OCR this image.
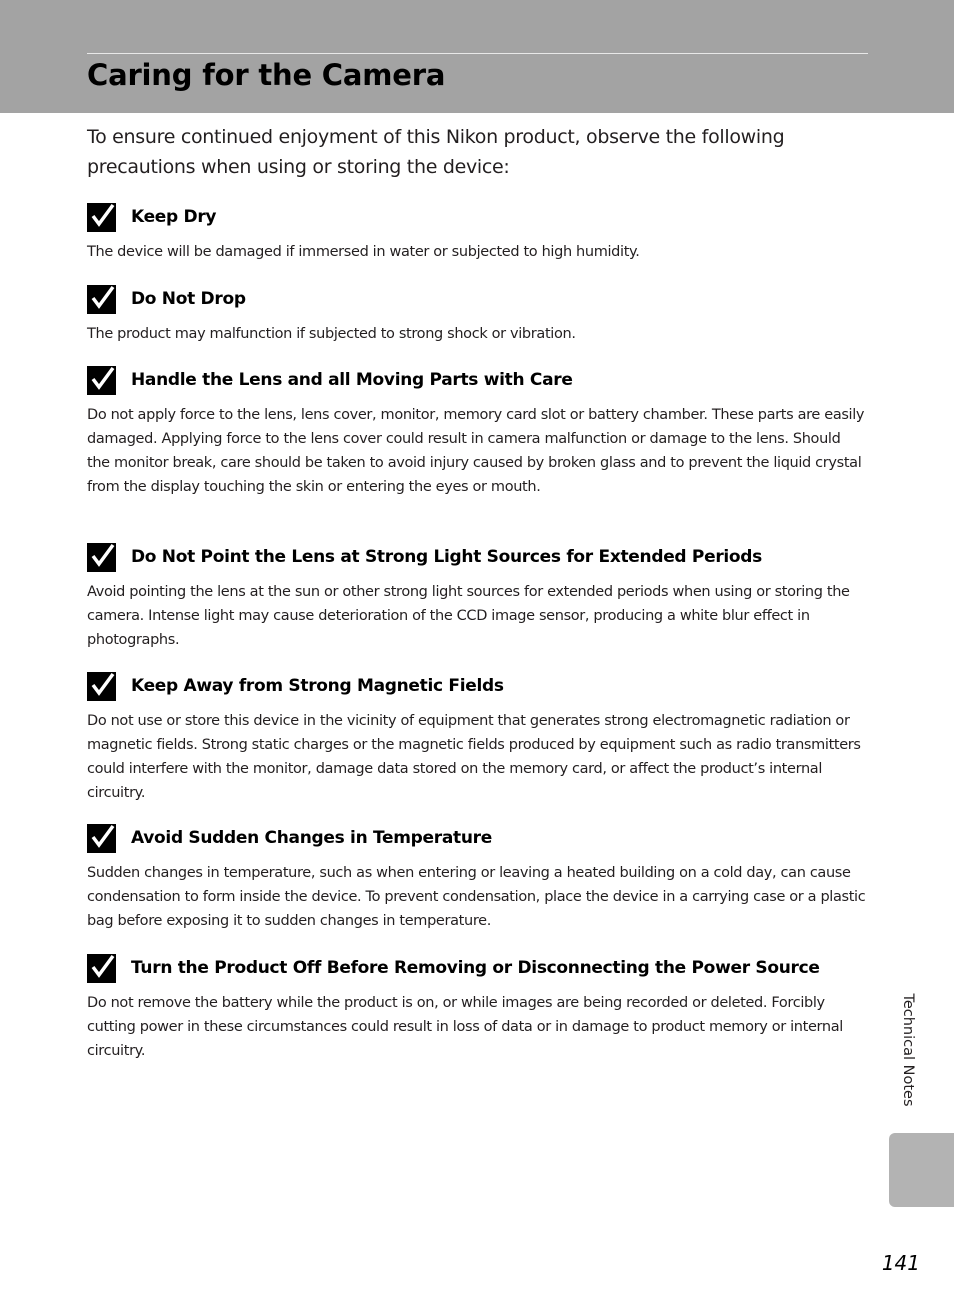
Caring for the Camera

To ensure continued enjoyment of this Nikon product, observe the following precautions when using or storing the device:

Keep Dry

The device will be damaged if immersed in water or subjected to high humidity.

Do Not Drop

The product may malfunction if subjected to strong shock or vibration.

Handle the Lens and all Moving Parts with Care

Do not apply force to the lens, lens cover, monitor, memory card slot or battery chamber. These parts are easily damaged. Applying force to the lens cover could result in camera malfunction or damage to the lens. Should the monitor break, care should be taken to avoid injury caused by broken glass and to prevent the liquid crystal from the display touching the skin or entering the eyes or mouth.

Do Not Point the Lens at Strong Light Sources for Extended Periods

Avoid pointing the lens at the sun or other strong light sources for extended periods when using or storing the camera. Intense light may cause deterioration of the CCD image sensor, producing a white blur effect in photographs.

Keep Away from Strong Magnetic Fields

Do not use or store this device in the vicinity of equipment that generates strong electromagnetic radiation or magnetic fields. Strong static charges or the magnetic fields produced by equipment such as radio transmitters could interfere with the monitor, damage data stored on the memory card, or affect the product’s internal circuitry.

Avoid Sudden Changes in Temperature

Sudden changes in temperature, such as when entering or leaving a heated building on a cold day, can cause condensation to form inside the device. To prevent condensation, place the device in a carrying case or a plastic bag before exposing it to sudden changes in temperature.

Turn the Product Off Before Removing or Disconnecting the Power Source

Do not remove the battery while the product is on, or while images are being recorded or deleted. Forcibly cutting power in these circumstances could result in loss of data or in damage to product memory or internal circuitry.	Technical Notes
141
